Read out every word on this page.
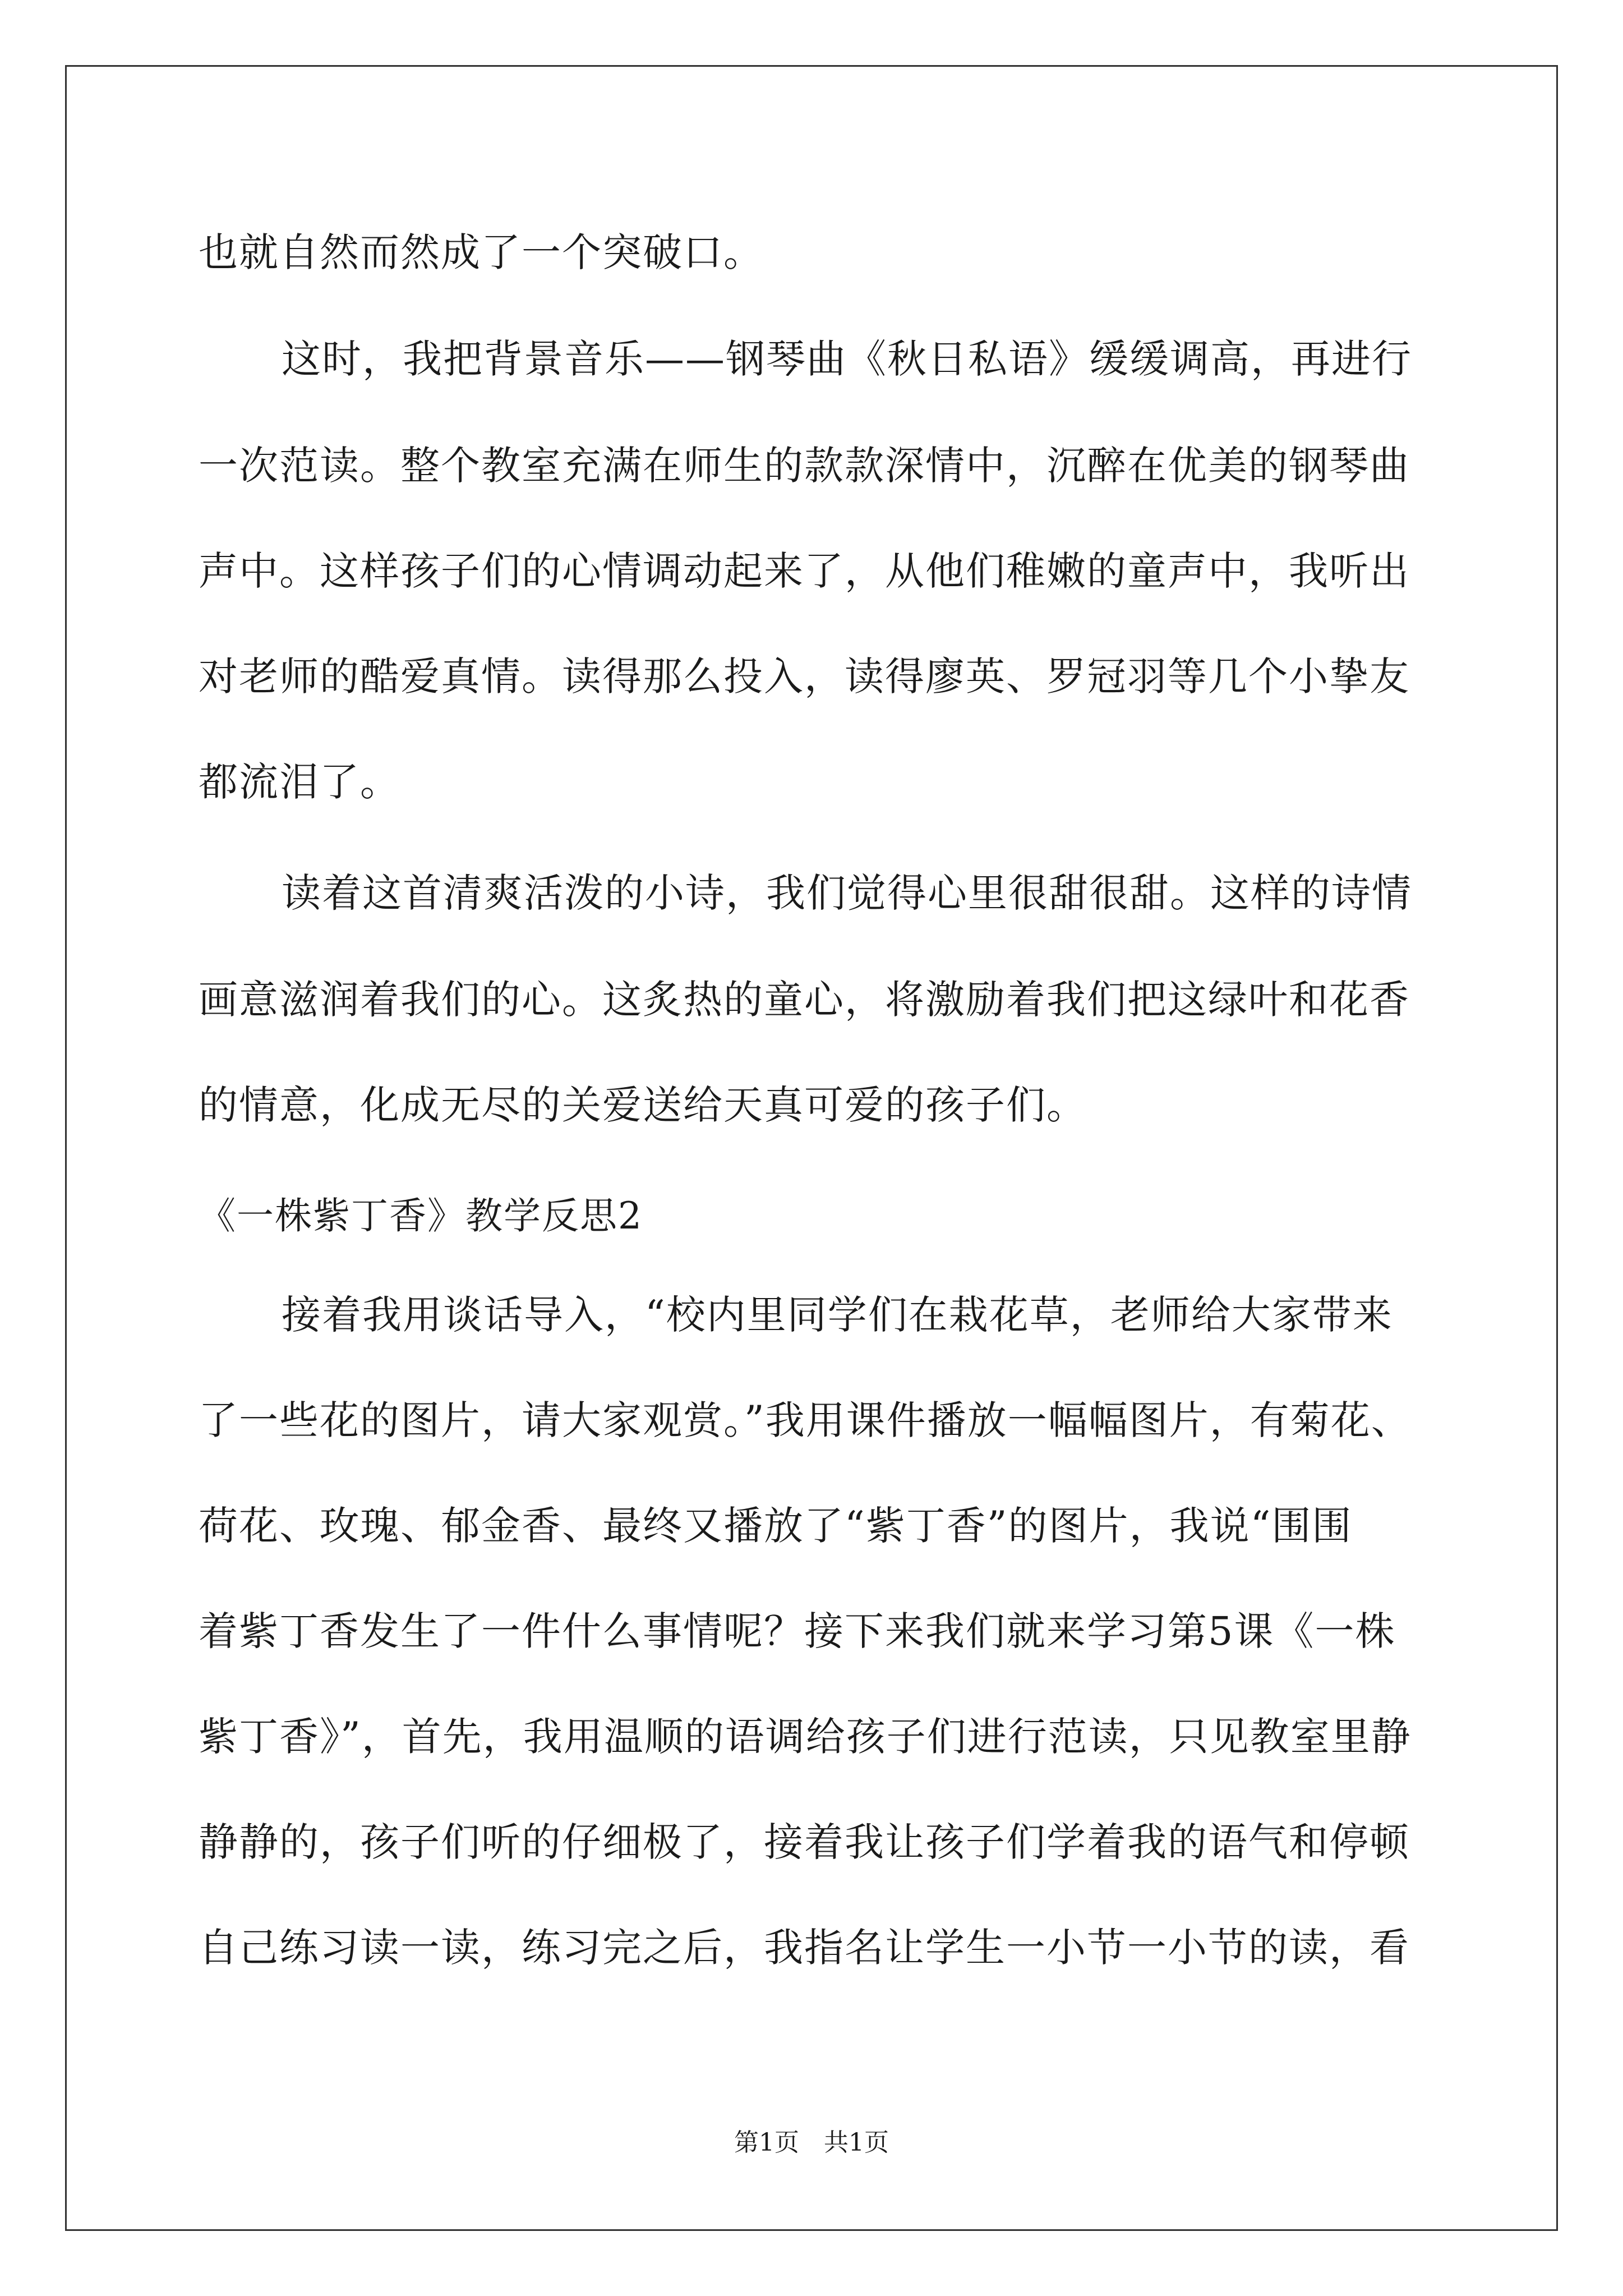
也就自然而然成了一个突破口。
这时，我把背景音乐——钢琴曲《秋日私语》缓缓调高，再进行
一次范读。整个教室充满在师生的款款深情中，沉醉在优美的钢琴曲
声中。这样孩子们的心情调动起来了，从他们稚嫩的童声中，我听出
对老师的酷爱真情。读得那么投入，读得廖英、罗冠羽等几个小挚友
都流泪了。
读着这首清爽活泼的小诗，我们觉得心里很甜很甜。这样的诗情
画意滋润着我们的心。这炙热的童心，将激励着我们把这绿叶和花香
的情意，化成无尽的关爱送给天真可爱的孩子们。
《一株紫丁香》教学反思2
接着我用谈话导入，“校内里同学们在栽花草，老师给大家带来
了一些花的图片，请大家观赏。”我用课件播放一幅幅图片，有菊花、
荷花、玫瑰、郁金香、最终又播放了“紫丁香”的图片，我说“围围
着紫丁香发生了一件什么事情呢？接下来我们就来学习第5课《一株
紫丁香》”，首先，我用温顺的语调给孩子们进行范读，只见教室里静
静静的，孩子们听的仔细极了，接着我让孩子们学着我的语气和停顿
自己练习读一读，练习完之后，我指名让学生一小节一小节的读，看
第1页　共1页
